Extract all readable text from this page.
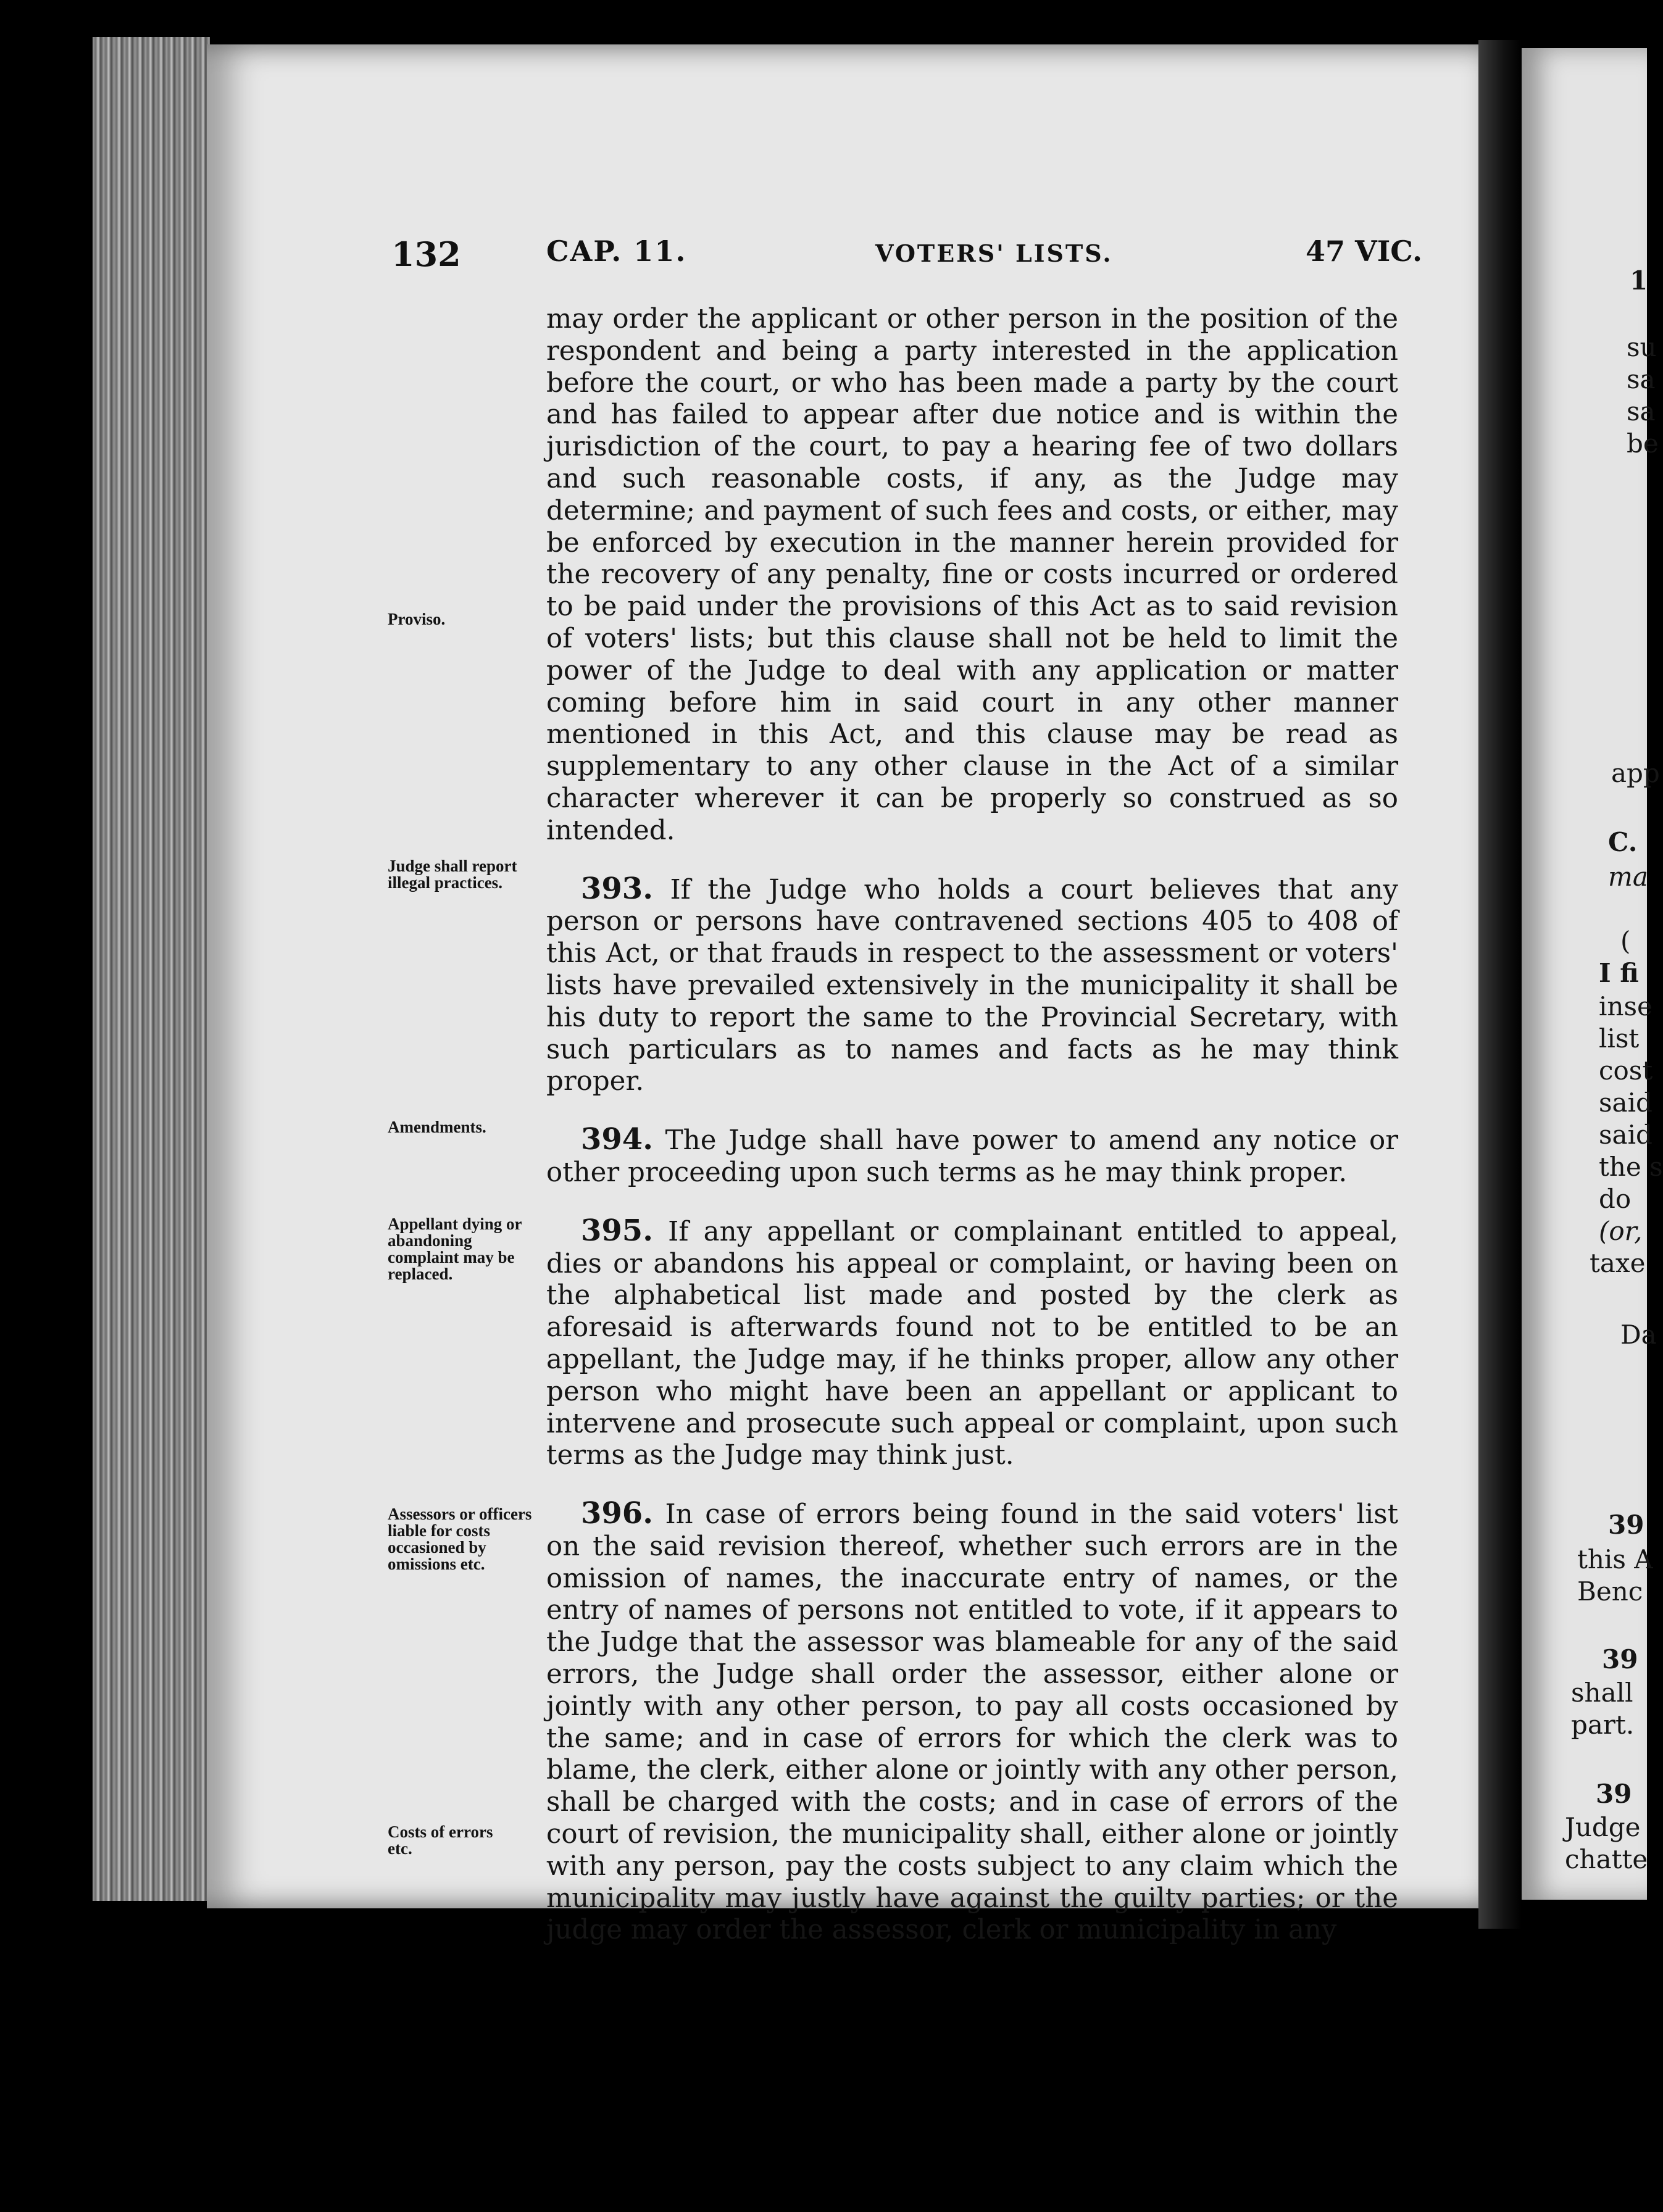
1
su
sa
sa
be
app
C.
ma
(
I fi
inse
list
cost
said
said
the s
do
(or,
taxe
Da
39
this A
Benc
39
shall
part.
39
Judge
chatte
132	CAP. 11.	VOTERS' LISTS.	47 VIC.
Proviso.
Judge shall report illegal practices.
Amendments.
Appellant dying or abandoning complaint may be replaced.
Assessors or officers liable for costs occasioned by omissions etc.
Costs of errors etc.

may order the applicant or other person in the position of the respondent and being a party interested in the application before the court, or who has been made a party by the court and has failed to appear after due notice and is within the jurisdiction of the court, to pay a hearing fee of two dollars and such reasonable costs, if any, as the Judge may determine; and payment of such fees and costs, or either, may be enforced by execution in the manner herein provided for the recovery of any penalty, fine or costs incurred or ordered to be paid under the provisions of this Act as to said revision of voters' lists; but this clause shall not be held to limit the power of the Judge to deal with any application or matter coming before him in said court in any other manner mentioned in this Act, and this clause may be read as supplementary to any other clause in the Act of a similar character wherever it can be properly so construed as so intended.

393. If the Judge who holds a court believes that any person or persons have contravened sections 405 to 408 of this Act, or that frauds in respect to the assessment or voters' lists have prevailed extensively in the municipality it shall be his duty to report the same to the Provincial Secretary, with such particulars as to names and facts as he may think proper.

394. The Judge shall have power to amend any notice or other proceeding upon such terms as he may think proper.

395. If any appellant or complainant entitled to appeal, dies or abandons his appeal or complaint, or having been on the alphabetical list made and posted by the clerk as aforesaid is afterwards found not to be entitled to be an appellant, the Judge may, if he thinks proper, allow any other person who might have been an appellant or applicant to intervene and prosecute such appeal or complaint, upon such terms as the Judge may think just.

396. In case of errors being found in the said voters' list on the said revision thereof, whether such errors are in the omission of names, the inaccurate entry of names, or the entry of names of persons not entitled to vote, if it appears to the Judge that the assessor was blameable for any of the said errors, the Judge shall order the assessor, either alone or jointly with any other person, to pay all costs occasioned by the same; and in case of errors for which the clerk was to blame, the clerk, either alone or jointly with any other person, shall be charged with the costs; and in case of errors of the court of revision, the municipality shall, either alone or jointly with any person, pay the costs subject to any claim which the municipality may justly have against the guilty parties; or the judge may order the assessor, clerk or municipality in any
